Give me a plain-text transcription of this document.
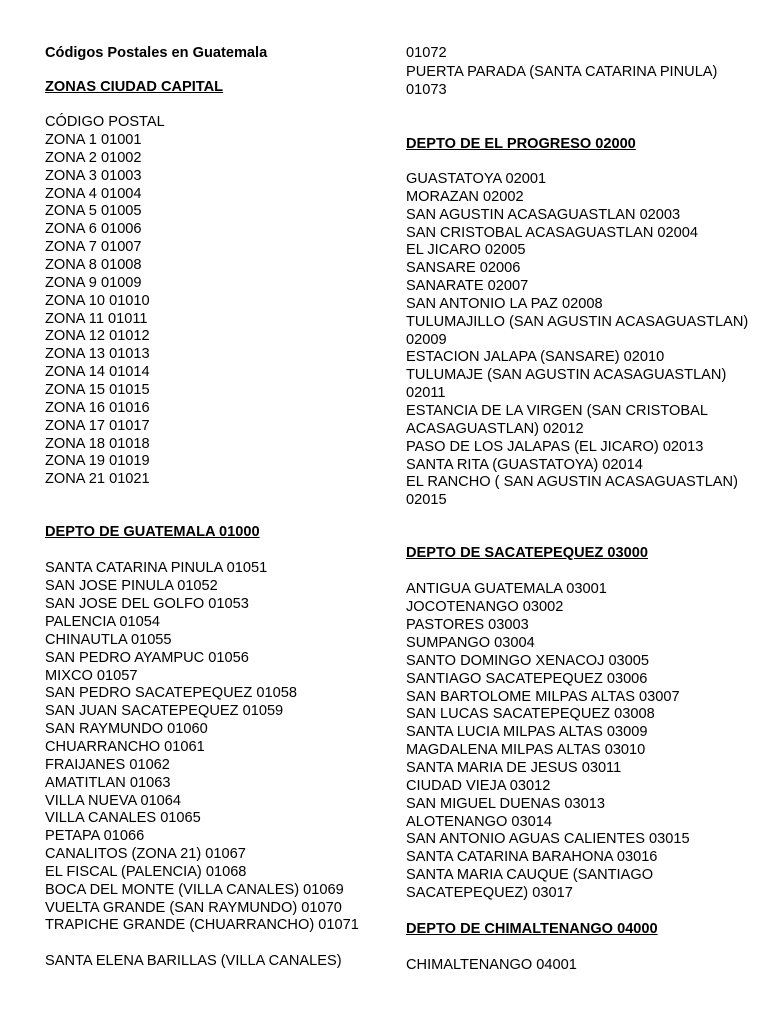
Códigos Postales en Guatemala
ZONAS CIUDAD CAPITAL
CÓDIGO POSTAL
ZONA 1 01001
ZONA 2 01002
ZONA 3 01003
ZONA 4 01004
ZONA 5 01005
ZONA 6 01006
ZONA 7 01007
ZONA 8 01008
ZONA 9 01009
ZONA 10 01010
ZONA 11 01011
ZONA 12 01012
ZONA 13 01013
ZONA 14 01014
ZONA 15 01015
ZONA 16 01016
ZONA 17 01017
ZONA 18 01018
ZONA 19 01019
ZONA 21 01021
DEPTO DE GUATEMALA 01000
SANTA CATARINA PINULA 01051
SAN JOSE PINULA 01052
SAN JOSE DEL GOLFO 01053
PALENCIA 01054
CHINAUTLA 01055
SAN PEDRO AYAMPUC 01056
MIXCO 01057
SAN PEDRO SACATEPEQUEZ 01058
SAN JUAN SACATEPEQUEZ 01059
SAN RAYMUNDO 01060
CHUARRANCHO 01061
FRAIJANES 01062
AMATITLAN 01063
VILLA NUEVA 01064
VILLA CANALES 01065
PETAPA 01066
CANALITOS (ZONA 21) 01067
EL FISCAL (PALENCIA) 01068
BOCA DEL MONTE (VILLA CANALES) 01069
VUELTA GRANDE (SAN RAYMUNDO) 01070
TRAPICHE GRANDE (CHUARRANCHO) 01071
SANTA ELENA BARILLAS (VILLA CANALES)
01072
PUERTA PARADA (SANTA CATARINA PINULA) 01073
DEPTO DE EL PROGRESO 02000
GUASTATOYA 02001
MORAZAN 02002
SAN AGUSTIN ACASAGUASTLAN 02003
SAN CRISTOBAL ACASAGUASTLAN 02004
EL JICARO 02005
SANSARE 02006
SANARATE 02007
SAN ANTONIO LA PAZ 02008
TULUMAJILLO (SAN AGUSTIN ACASAGUASTLAN) 02009
ESTACION JALAPA (SANSARE) 02010
TULUMAJE (SAN AGUSTIN ACASAGUASTLAN) 02011
ESTANCIA DE LA VIRGEN (SAN CRISTOBAL ACASAGUASTLAN) 02012
PASO DE LOS JALAPAS (EL JICARO) 02013
SANTA RITA (GUASTATOYA) 02014
EL RANCHO ( SAN AGUSTIN ACASAGUASTLAN) 02015
DEPTO DE SACATEPEQUEZ 03000
ANTIGUA GUATEMALA 03001
JOCOTENANGO 03002
PASTORES 03003
SUMPANGO 03004
SANTO DOMINGO XENACOJ 03005
SANTIAGO SACATEPEQUEZ 03006
SAN BARTOLOME MILPAS ALTAS 03007
SAN LUCAS SACATEPEQUEZ 03008
SANTA LUCIA MILPAS ALTAS 03009
MAGDALENA MILPAS ALTAS 03010
SANTA MARIA DE JESUS 03011
CIUDAD VIEJA 03012
SAN MIGUEL DUENAS 03013
ALOTENANGO 03014
SAN ANTONIO AGUAS CALIENTES 03015
SANTA CATARINA BARAHONA 03016
SANTA MARIA CAUQUE (SANTIAGO SACATEPEQUEZ) 03017
DEPTO DE CHIMALTENANGO 04000
CHIMALTENANGO 04001
